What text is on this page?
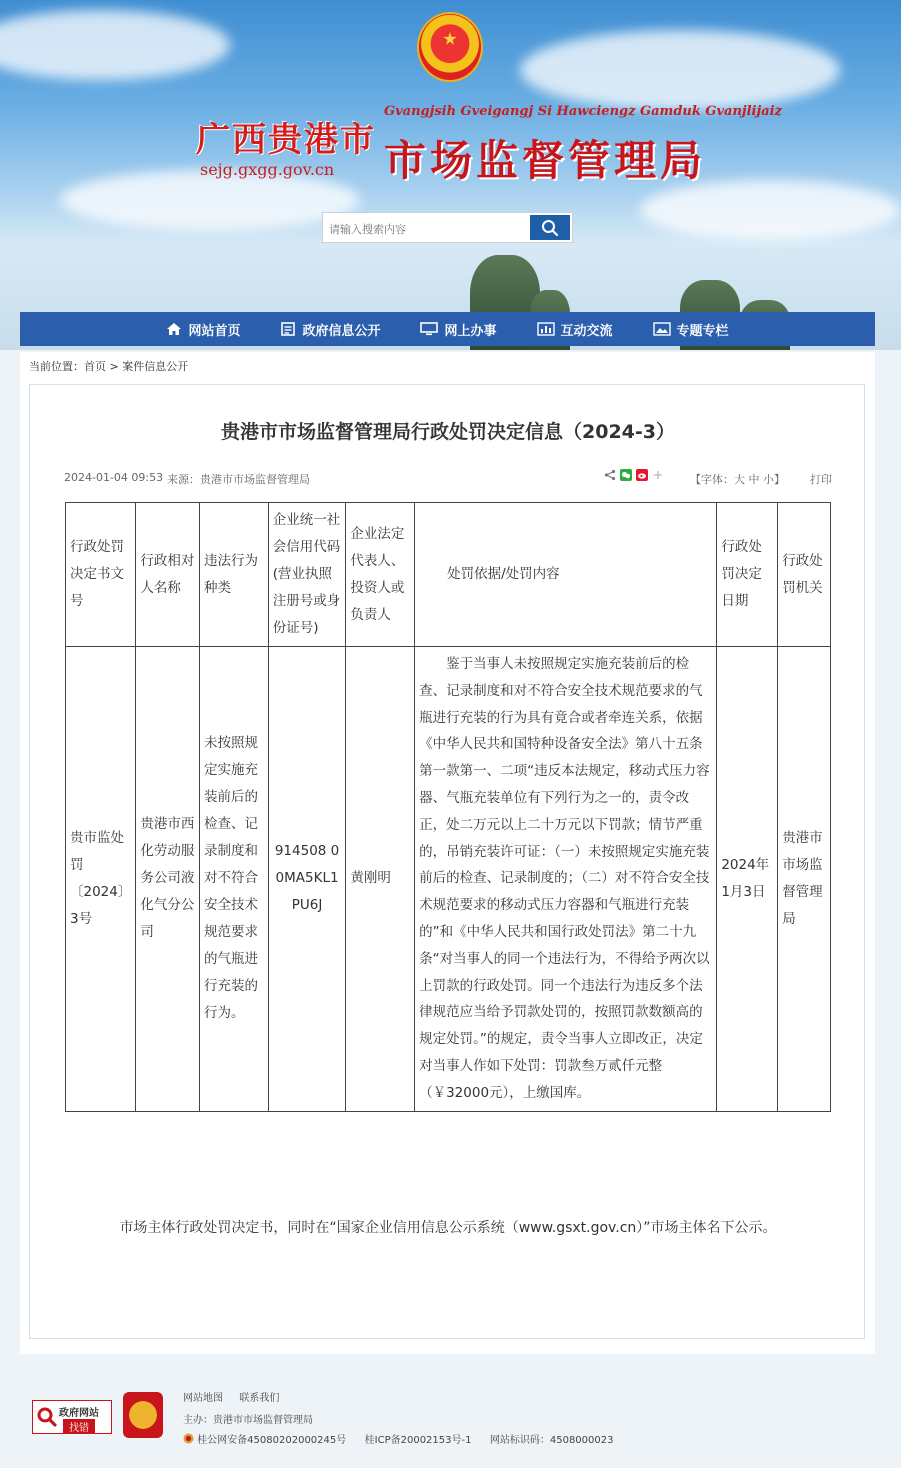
广西贵港市
sejg.gxgg.gov.cn
Gvangjsih Gveigangj Si Hawciengz Gamduk Gvanjlijaiz
市场监督管理局
请输入搜索内容
网站首页	政府信息公开	网上办事	互动交流	专题专栏
当前位置：首页 > 案件信息公开
贵港市市场监督管理局行政处罚决定信息（2024-3）
2024-01-04 09:53 来源：贵港市市场监督管理局	【字体：大 中 小】 打印
行政处罚决定书文号	行政相对人名称	违法行为种类	企业统一社会信用代码(营业执照注册号或身份证号)	企业法定代表人、投资人或负责人	处罚依据/处罚内容	行政处罚决定日期	行政处罚机关
贵市监处罚〔2024〕3号	贵港市西化劳动服务公司液化气分公司	未按照规定实施充装前后的检查、记录制度和对不符合安全技术规范要求的气瓶进行充装的行为。	914508 00MA5KL1PU6J	黄刚明	鉴于当事人未按照规定实施充装前后的检查、记录制度和对不符合安全技术规范要求的气瓶进行充装的行为具有竟合或者牵连关系，依据《中华人民共和国特种设备安全法》第八十五条第一款第一、二项“违反本法规定，移动式压力容器、气瓶充装单位有下列行为之一的，责令改正，处二万元以上二十万元以下罚款；情节严重的，吊销充装许可证：（一）未按照规定实施充装前后的检查、记录制度的；（二）对不符合安全技术规范要求的移动式压力容器和气瓶进行充装的”和《中华人民共和国行政处罚法》第二十九条“对当事人的同一个违法行为，不得给予两次以上罚款的行政处罚。同一个违法行为违反多个法律规范应当给予罚款处罚的，按照罚款数额高的规定处罚。”的规定，责令当事人立即改正，决定对当事人作如下处罚：罚款叁万贰仟元整（￥32000元），上缴国库。	2024年1月3日	贵港市市场监督管理局
市场主体行政处罚决定书，同时在“国家企业信用信息公示系统（www.gsxt.gov.cn）”市场主体名下公示。
政府网站
找错
网站地图 联系我们
主办：贵港市市场监督管理局
桂公网安备45080202000245号 桂ICP备20002153号-1 网站标识码：4508000023
